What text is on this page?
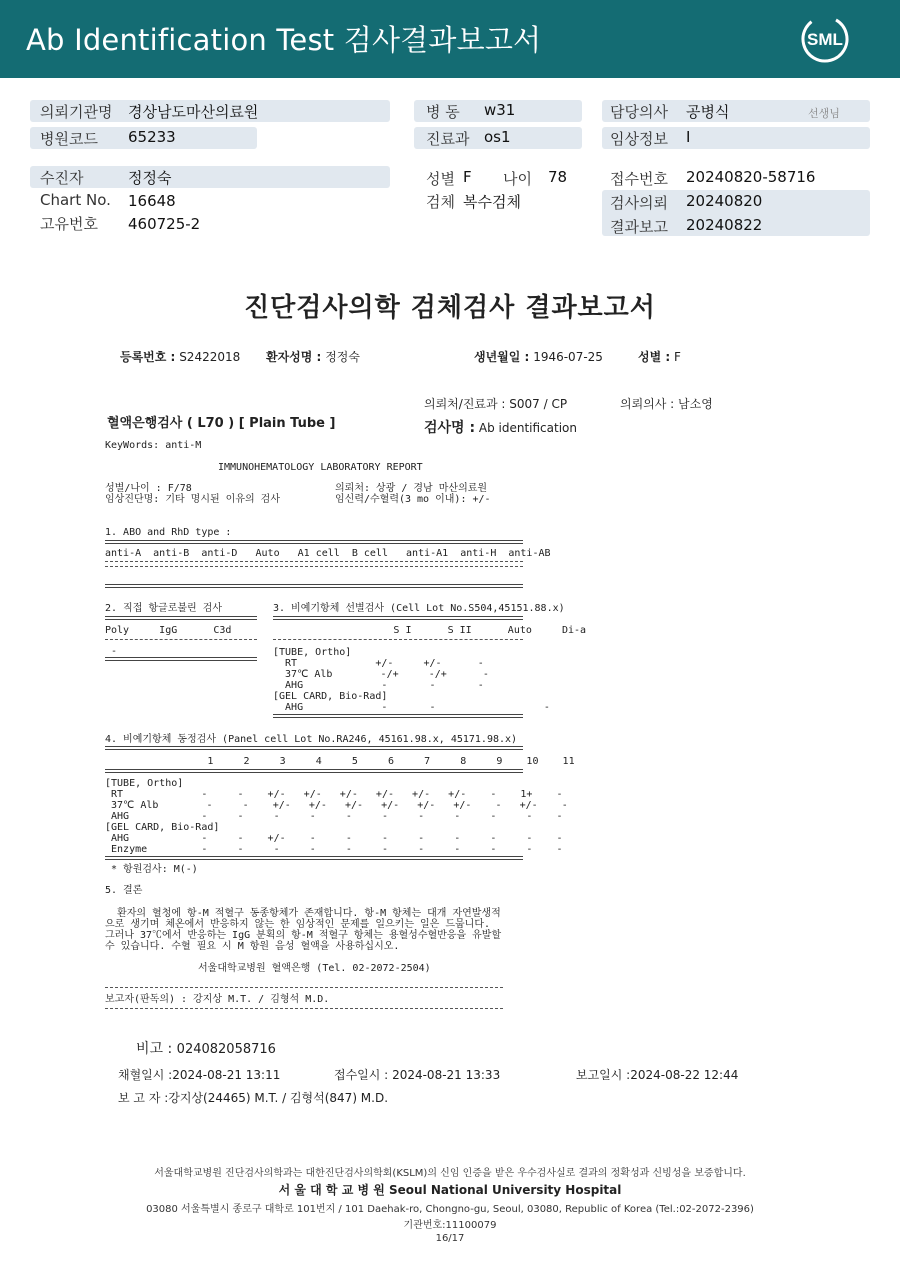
Ab Identification Test 검사결과보고서	SML
의뢰기관명 경상남도마산의료원
병원코드 65233
병 동 w31
진료과 os1
담당의사 공병식	선생님
임상정보 I
수진자	정정숙
Chart No. 16648
고유번호 460725-2
성별 F 나이 78
검체 복수검체
접수번호 20240820-58716
검사의뢰 20240820
결과보고 20240822
진단검사의학 검체검사 결과보고서
등록번호 : S2422018 환자성명 : 정정숙	생년월일 : 1946-07-25	성별 : F
의뢰처/진료과 : S007 / CP	의뢰의사 : 남소영
혈액은행검사 ( L70 ) [ Plain Tube ]	검사명 : Ab identification
KeyWords: anti-M
IMMUNOHEMATOLOGY LABORATORY REPORT
성별/나이 : F/78
임상진단명: 기타 명시된 이유의 검사
의뢰처: 상광 / 경남 마산의료원
임신력/수혈력(3 mo 이내): +/-
1. ABO and RhD type :
anti-A  anti-B  anti-D   Auto   A1 cell  B cell   anti-A1  anti-H  anti-AB
2. 직접 항글로불린 검사
Poly     IgG      C3d
-
3. 비예기항체 선별검사 (Cell Lot No.S504,45151.88.x)
S I      S II      Auto     Di-a
[TUBE, Ortho]
RT             +/-     +/-      -
37℃ Alb        -/+     -/+      -
AHG             -       -       -
[GEL CARD, Bio-Rad]
AHG             -       -                  -
4. 비예기항체 동정검사 (Panel cell Lot No.RA246, 45161.98.x, 45171.98.x)
1     2     3     4     5     6     7     8     9    10    11
[TUBE, Ortho]
RT             -     -    +/-   +/-   +/-   +/-   +/-   +/-    -    1+    -
37℃ Alb        -     -    +/-   +/-   +/-   +/-   +/-   +/-    -   +/-    -
AHG            -     -     -     -     -     -     -     -     -     -    -
[GEL CARD, Bio-Rad]
AHG            -     -    +/-    -     -     -     -     -     -     -    -
Enzyme         -     -     -     -     -     -     -     -     -     -    -
* 항원검사: M(-)
5. 결론
환자의 혈청에 항-M 적혈구 동종항체가 존재합니다. 항-M 항체는 대개 자연발생적
으로 생기며 체온에서 반응하지 않는 한 임상적인 문제를 일으키는 일은 드뭅니다.
그러나 37℃에서 반응하는 IgG 분획의 항-M 적혈구 항체는 용혈성수혈반응을 유발할
수 있습니다. 수혈 필요 시 M 항원 음성 혈액을 사용하십시오.
서울대학교병원 혈액은행 (Tel. 02-2072-2504)
보고자(판독의) : 강지상 M.T. / 김형석 M.D.
비고 : 024082058716
채혈일시 :2024-08-21 13:11	접수일시 : 2024-08-21 13:33	보고일시 :2024-08-22 12:44
보 고 자 :강지상(24465) M.T. / 김형석(847) M.D.
서울대학교병원 진단검사의학과는 대한진단검사의학회(KSLM)의 신임 인증을 받은 우수검사실로 결과의 정확성과 신빙성을 보증합니다.
서 울 대 학 교 병 원 Seoul National University Hospital
03080 서울특별시 종로구 대학로 101번지 / 101 Daehak-ro, Chongno-gu, Seoul, 03080, Republic of Korea (Tel.:02-2072-2396)
기관번호:11100079
16/17
